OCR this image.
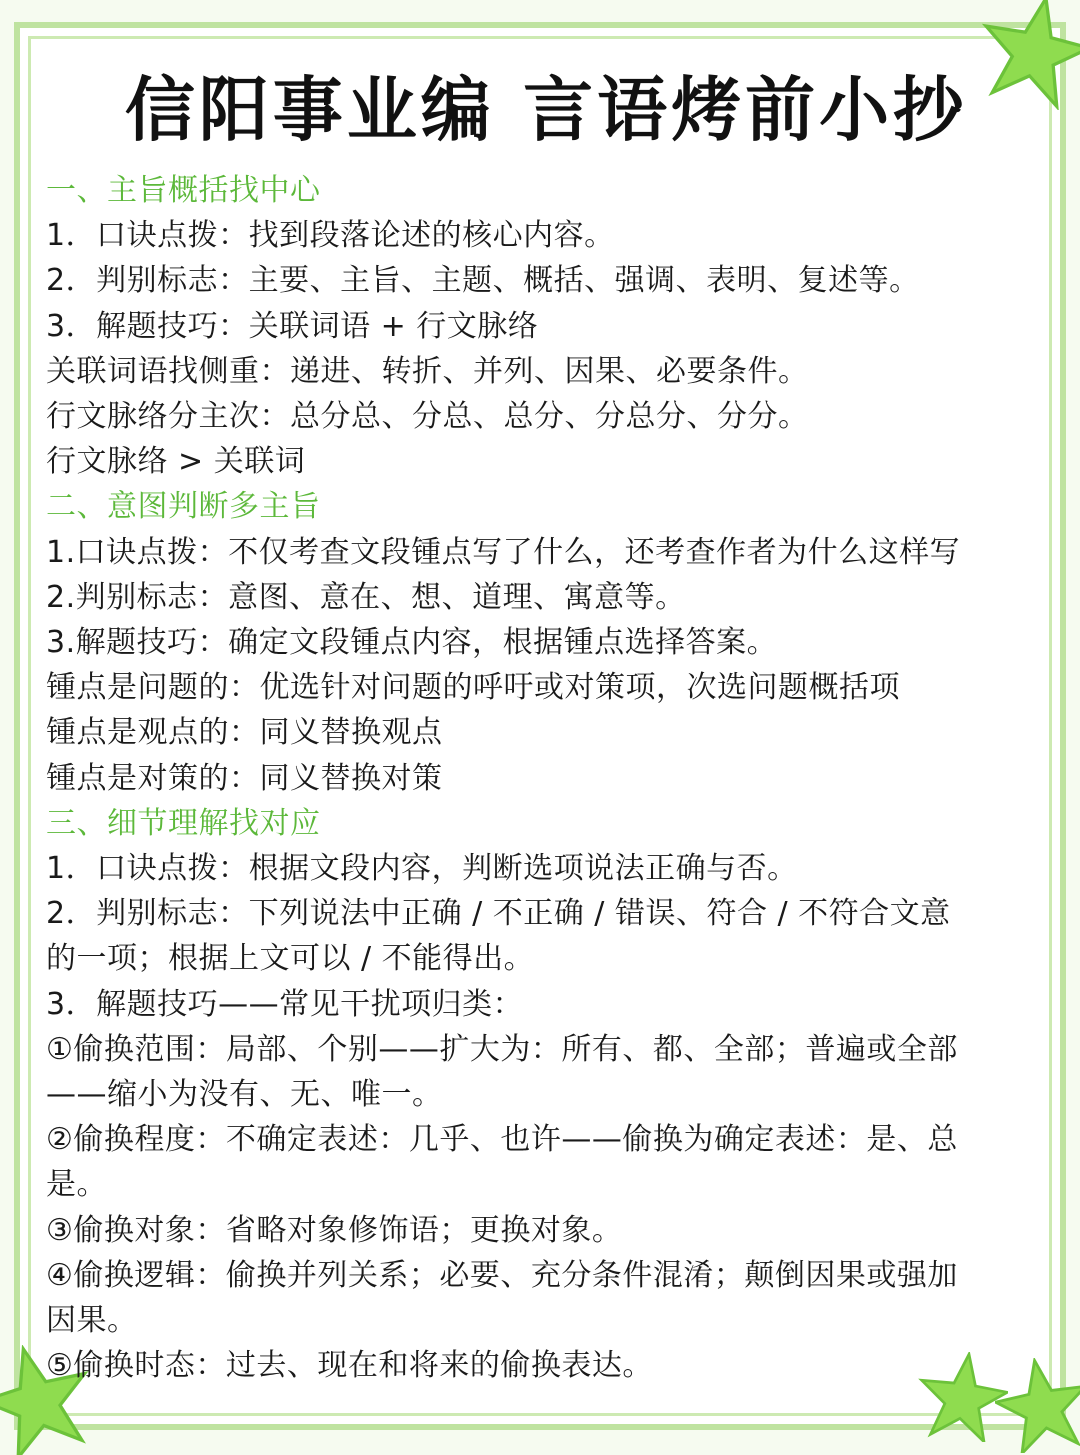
信阳事业编 言语烤前小抄
一、主旨概括找中心
1．口诀点拨：找到段落论述的核心内容。
2．判别标志：主要、主旨、主题、概括、强调、表明、复述等。
3．解题技巧：关联词语 + 行文脉络
关联词语找侧重：递进、转折、并列、因果、必要条件。
行文脉络分主次：总分总、分总、总分、分总分、分分。
行文脉络 > 关联词
二、意图判断多主旨
1.口诀点拨：不仅考查文段锺点写了什么，还考查作者为什么这样写
2.判别标志：意图、意在、想、道理、寓意等。
3.解题技巧：确定文段锺点内容，根据锺点选择答案。
锺点是问题的：优选针对问题的呼吁或对策项，次选问题概括项
锺点是观点的：同义替换观点
锺点是对策的：同义替换对策
三、细节理解找对应
1．口诀点拨：根据文段内容，判断选项说法正确与否。
2．判别标志：下列说法中正确 / 不正确 / 错误、符合 / 不符合文意
的一项；根据上文可以 / 不能得出。
3．解题技巧——常见干扰项归类：
①偷换范围：局部、个别——扩大为：所有、都、全部；普遍或全部
——缩小为没有、无、唯一。
②偷换程度：不确定表述：几乎、也许——偷换为确定表述：是、总
是。
③偷换对象：省略对象修饰语；更换对象。
④偷换逻辑：偷换并列关系；必要、充分条件混淆；颠倒因果或强加
因果。
⑤偷换时态：过去、现在和将来的偷换表达。
